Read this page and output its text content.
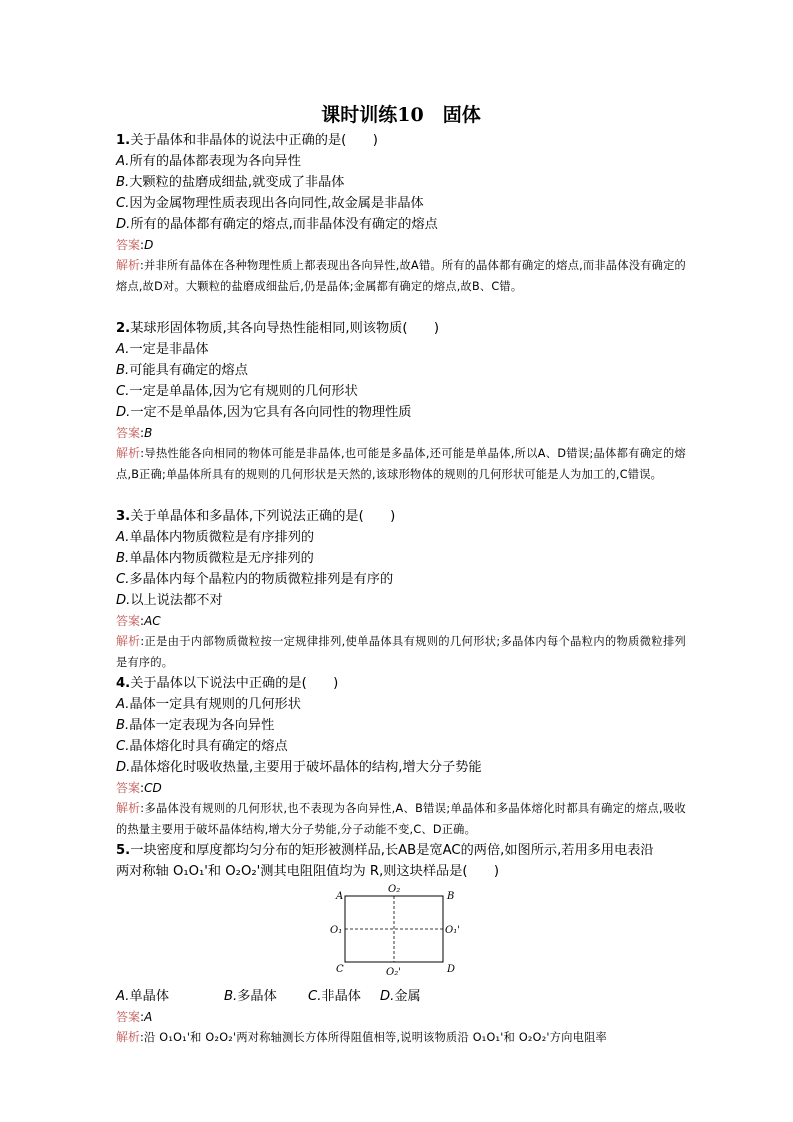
课时训练10　固体
1.关于晶体和非晶体的说法中正确的是(　　)
A.所有的晶体都表现为各向异性
B.大颗粒的盐磨成细盐,就变成了非晶体
C.因为金属物理性质表现出各向同性,故金属是非晶体
D.所有的晶体都有确定的熔点,而非晶体没有确定的熔点
答案:D
解析:并非所有晶体在各种物理性质上都表现出各向异性,故A错。所有的晶体都有确定的熔点,而非晶体没有确定的熔点,故D对。大颗粒的盐磨成细盐后,仍是晶体;金属都有确定的熔点,故B、C错。
2.某球形固体物质,其各向导热性能相同,则该物质(　　)
A.一定是非晶体
B.可能具有确定的熔点
C.一定是单晶体,因为它有规则的几何形状
D.一定不是单晶体,因为它具有各向同性的物理性质
答案:B
解析:导热性能各向相同的物体可能是非晶体,也可能是多晶体,还可能是单晶体,所以A、D错误;晶体都有确定的熔点,B正确;单晶体所具有的规则的几何形状是天然的,该球形物体的规则的几何形状可能是人为加工的,C错误。
3.关于单晶体和多晶体,下列说法正确的是(　　)
A.单晶体内物质微粒是有序排列的
B.单晶体内物质微粒是无序排列的
C.多晶体内每个晶粒内的物质微粒排列是有序的
D.以上说法都不对
答案:AC
解析:正是由于内部物质微粒按一定规律排列,使单晶体具有规则的几何形状;多晶体内每个晶粒内的物质微粒排列是有序的。
4.关于晶体以下说法中正确的是(　　)
A.晶体一定具有规则的几何形状
B.晶体一定表现为各向异性
C.晶体熔化时具有确定的熔点
D.晶体熔化时吸收热量,主要用于破坏晶体的结构,增大分子势能
答案:CD
解析:多晶体没有规则的几何形状,也不表现为各向异性,A、B错误;单晶体和多晶体熔化时都具有确定的熔点,吸收的热量主要用于破坏晶体结构,增大分子势能,分子动能不变,C、D正确。
5.一块密度和厚度都均匀分布的矩形被测样品,长AB是宽AC的两倍,如图所示,若用多用电表沿
两对称轴 O₁O₁'和 O₂O₂'测其电阻阻值均为 R,则这块样品是(　　)
A	B
C	D
O₂
O₂'
O₁	O₁'
A.单晶体	B.多晶体	C.非晶体	D.金属
答案:A
解析:沿 O₁O₁'和 O₂O₂'两对称轴测长方体所得阻值相等,说明该物质沿 O₁O₁'和 O₂O₂'方向电阻率
